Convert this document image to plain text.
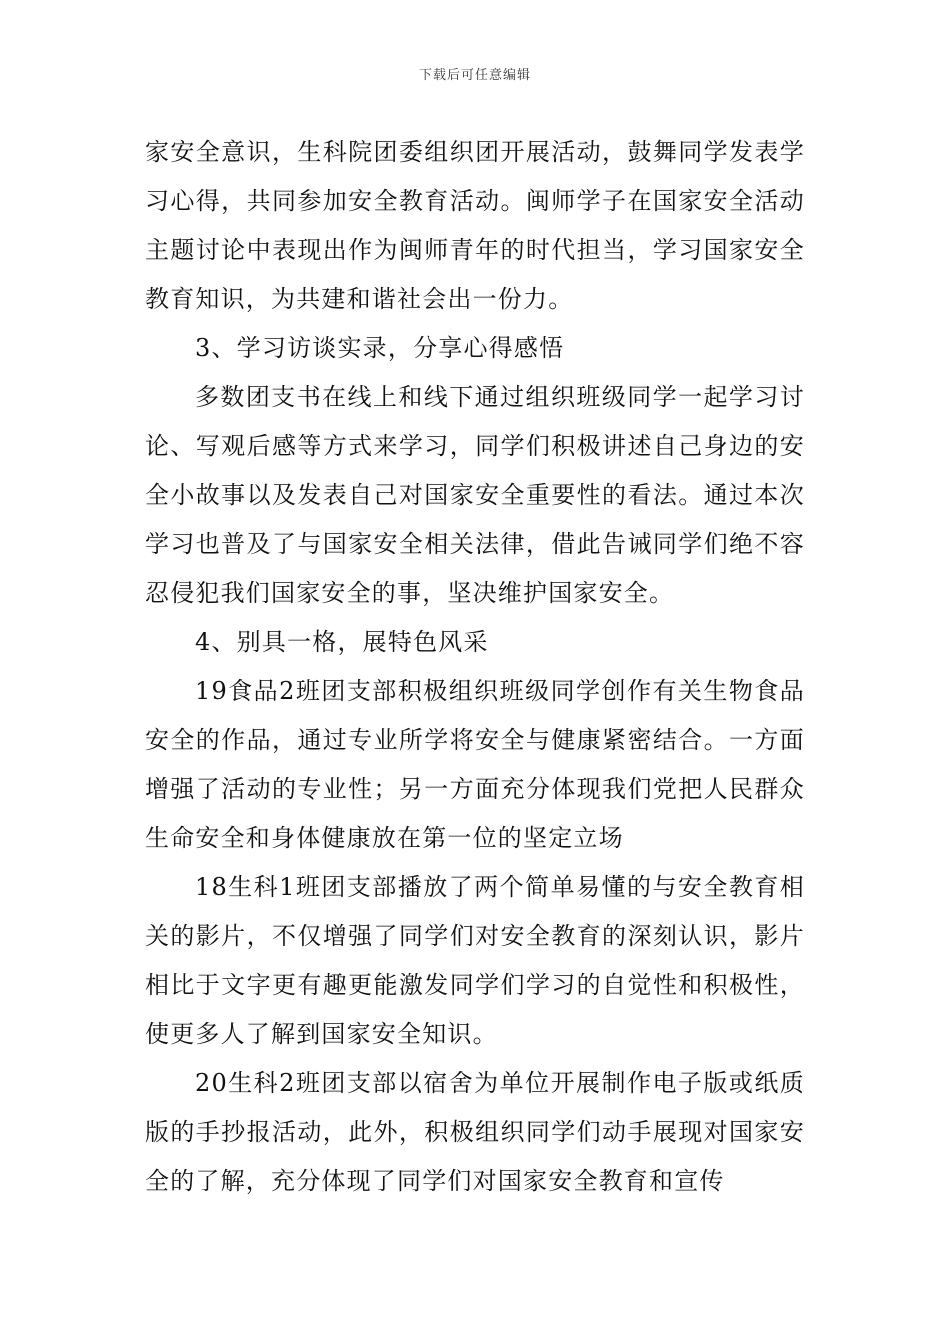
下载后可任意编辑

家安全意识，生科院团委组织团开展活动，鼓舞同学发表学习心得，共同参加安全教育活动。闽师学子在国家安全活动主题讨论中表现出作为闽师青年的时代担当，学习国家安全教育知识，为共建和谐社会出一份力。

3、学习访谈实录，分享心得感悟

多数团支书在线上和线下通过组织班级同学一起学习讨论、写观后感等方式来学习，同学们积极讲述自己身边的安全小故事以及发表自己对国家安全重要性的看法。通过本次学习也普及了与国家安全相关法律，借此告诫同学们绝不容忍侵犯我们国家安全的事，坚决维护国家安全。

4、别具一格，展特色风采

19食品2班团支部积极组织班级同学创作有关生物食品安全的作品，通过专业所学将安全与健康紧密结合。一方面增强了活动的专业性；另一方面充分体现我们党把人民群众生命安全和身体健康放在第一位的坚定立场

18生科1班团支部播放了两个简单易懂的与安全教育相关的影片，不仅增强了同学们对安全教育的深刻认识，影片相比于文字更有趣更能激发同学们学习的自觉性和积极性，使更多人了解到国家安全知识。

20生科2班团支部以宿舍为单位开展制作电子版或纸质版的手抄报活动，此外，积极组织同学们动手展现对国家安全的了解，充分体现了同学们对国家安全教育和宣传
